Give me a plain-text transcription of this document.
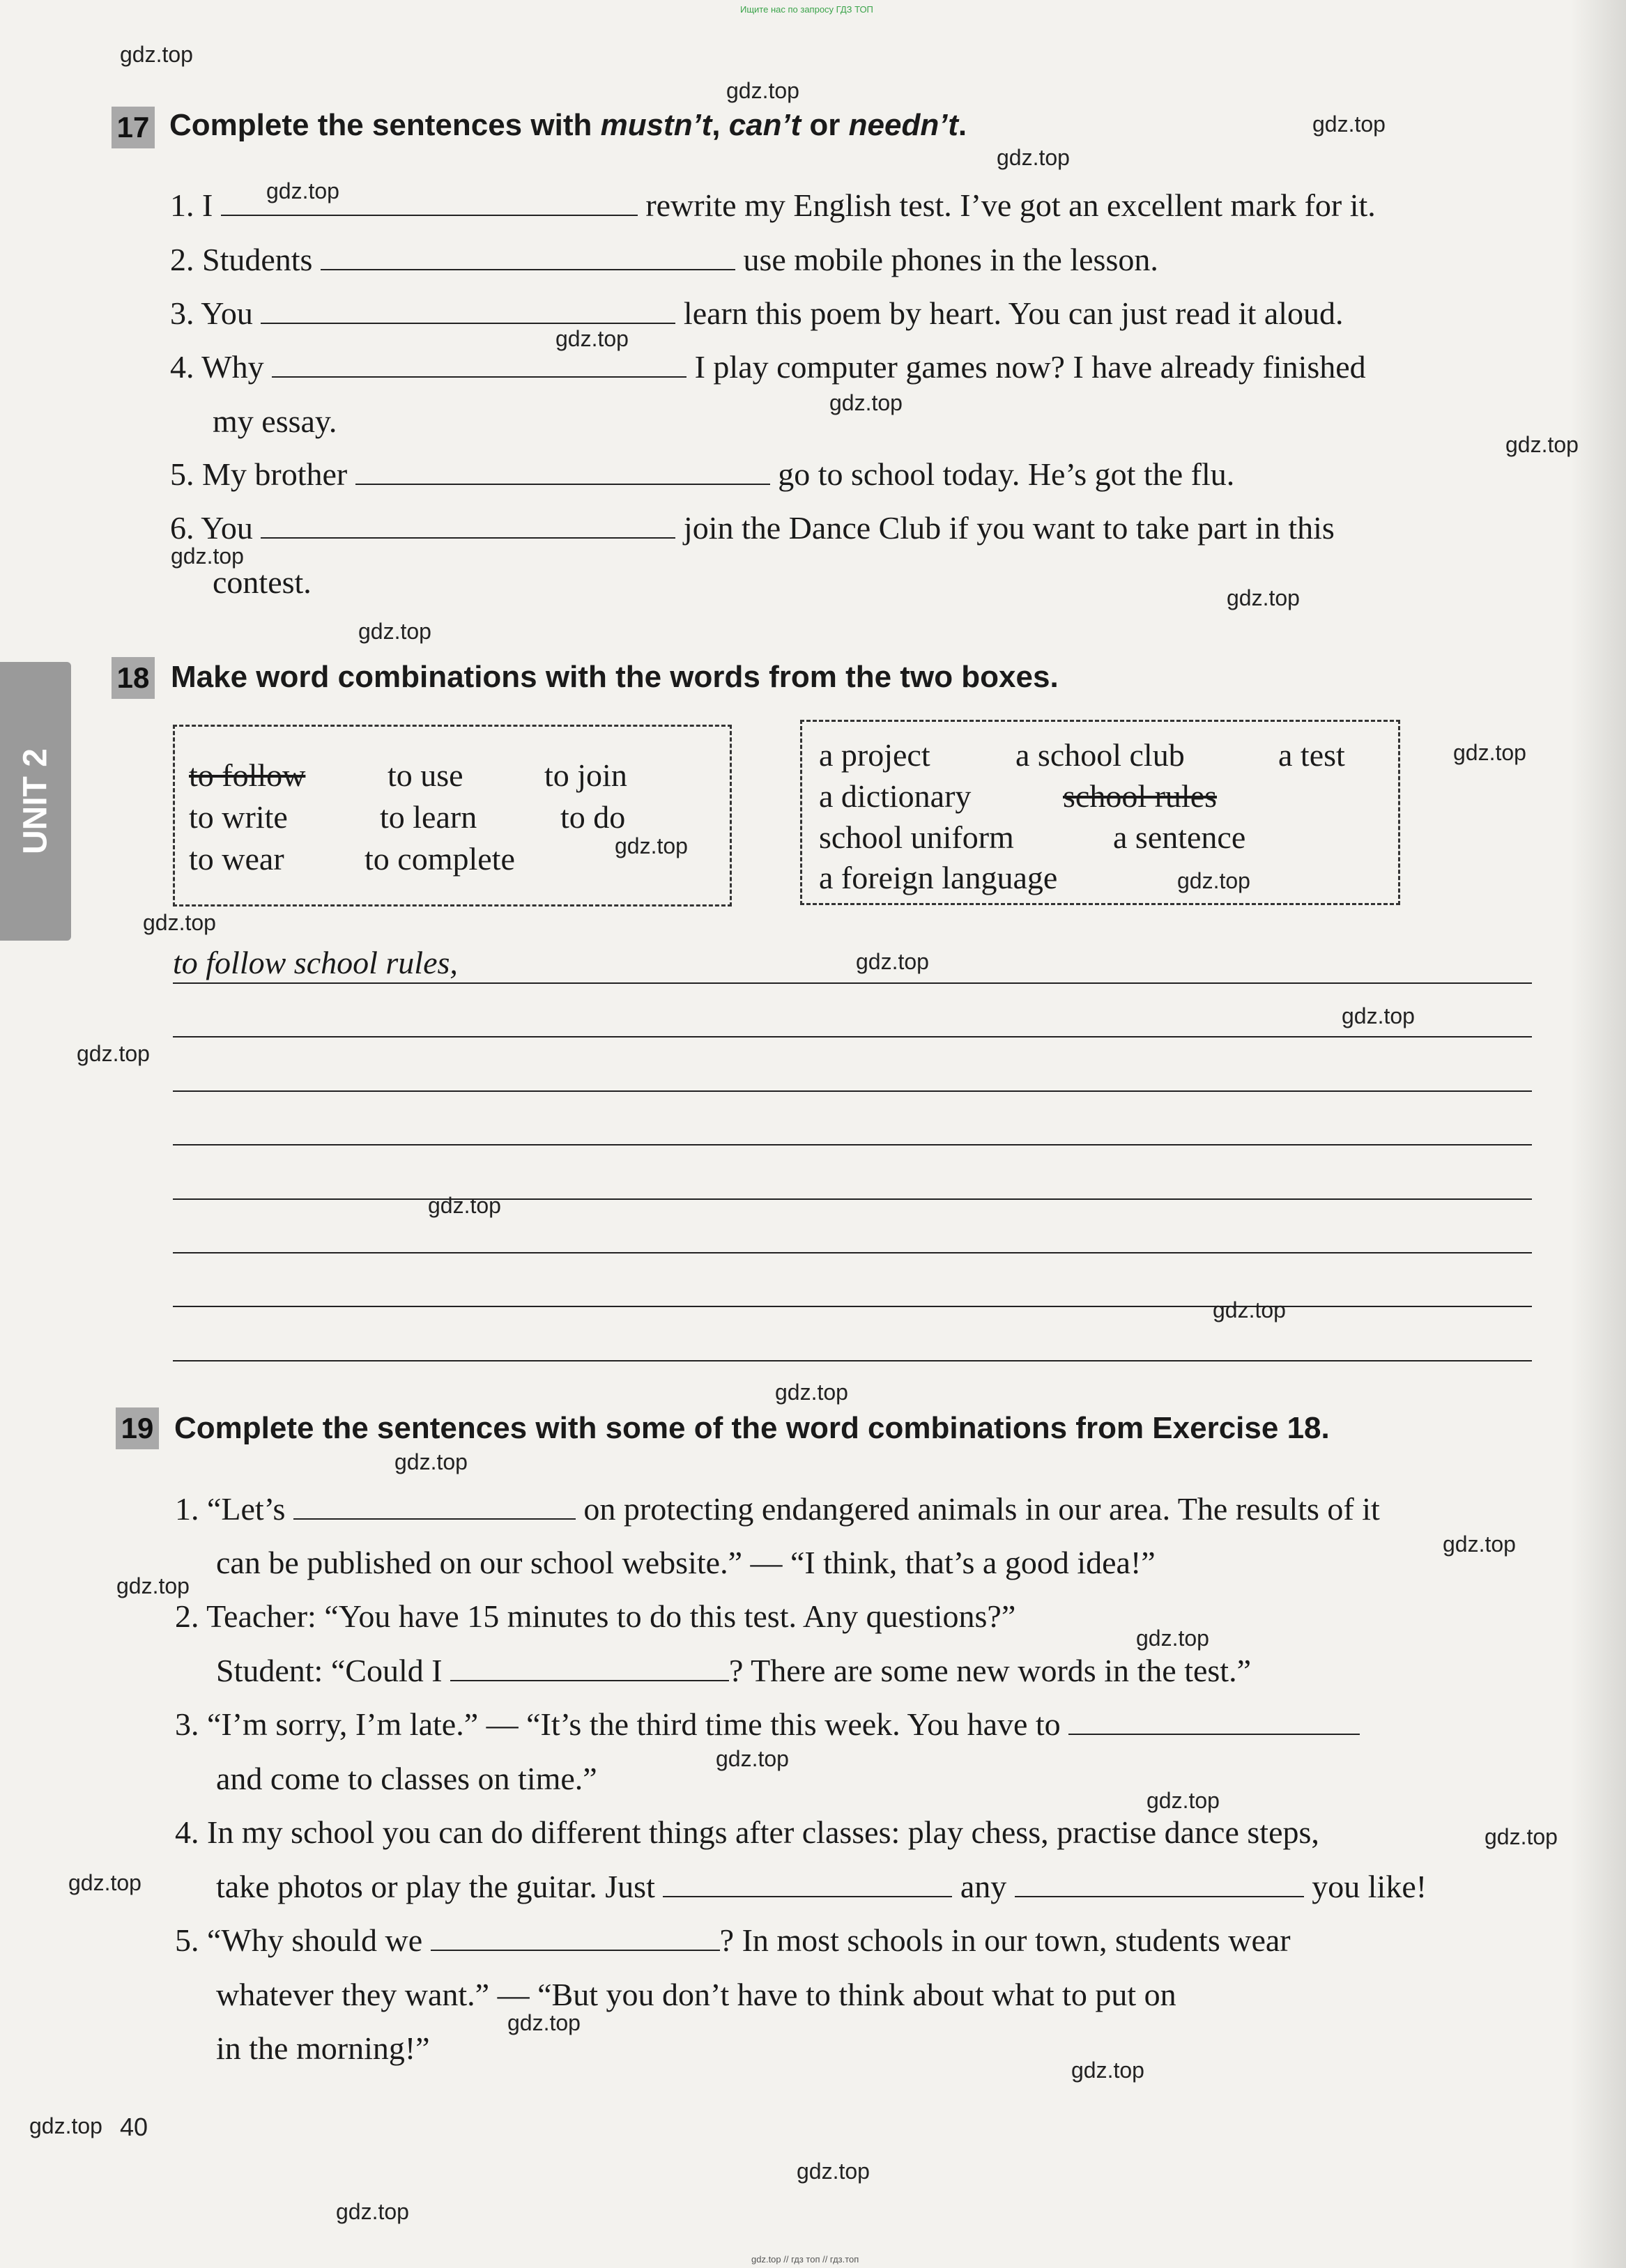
Ищите нас по запросу ГДЗ ТОП
gdz.top
gdz.top
gdz.top
gdz.top
gdz.top
gdz.top
gdz.top
gdz.top
gdz.top
gdz.top
gdz.top
gdz.top
gdz.top
gdz.top
gdz.top
gdz.top
gdz.top
gdz.top
gdz.top
gdz.top
gdz.top
gdz.top
gdz.top
gdz.top
gdz.top
gdz.top
gdz.top
gdz.top
gdz.top
gdz.top
gdz.top
gdz.top
gdz.top
gdz.top
UNIT 2
17 Complete the sentences with mustn’t, can’t or needn’t.
1. I	rewrite my English test. I’ve got an excellent mark for it.
2. Students	use mobile phones in the lesson.
3. You	learn this poem by heart. You can just read it aloud.
4. Why	I play computer games now? I have already finished
my essay.
5. My brother	go to school today. He’s got the flu.
6. You	join the Dance Club if you want to take part in this
contest.
18 Make word combinations with the words from the two boxes.
to follow	to use	to join
to write	to learn	to do
to wear	to complete
a project	a school club	a test
a dictionary	school rules
school uniform	a sentence
a foreign language
to follow school rules,
19 Complete the sentences with some of the word combinations from Exercise 18.
1. “Let’s	on protecting endangered animals in our area. The results of it
can be published on our school website.” — “I think, that’s a good idea!”
2. Teacher: “You have 15 minutes to do this test. Any questions?”
Student: “Could I	? There are some new words in the test.”
3. “I’m sorry, I’m late.” — “It’s the third time this week. You have to
and come to classes on time.”
4. In my school you can do different things after classes: play chess, practise dance steps,
take photos or play the guitar. Just	any	you like!
5. “Why should we	? In most schools in our town, students wear
whatever they want.” — “But you don’t have to think about what to put on
in the morning!”
40
gdz.top // гдз топ // гдз.топ
